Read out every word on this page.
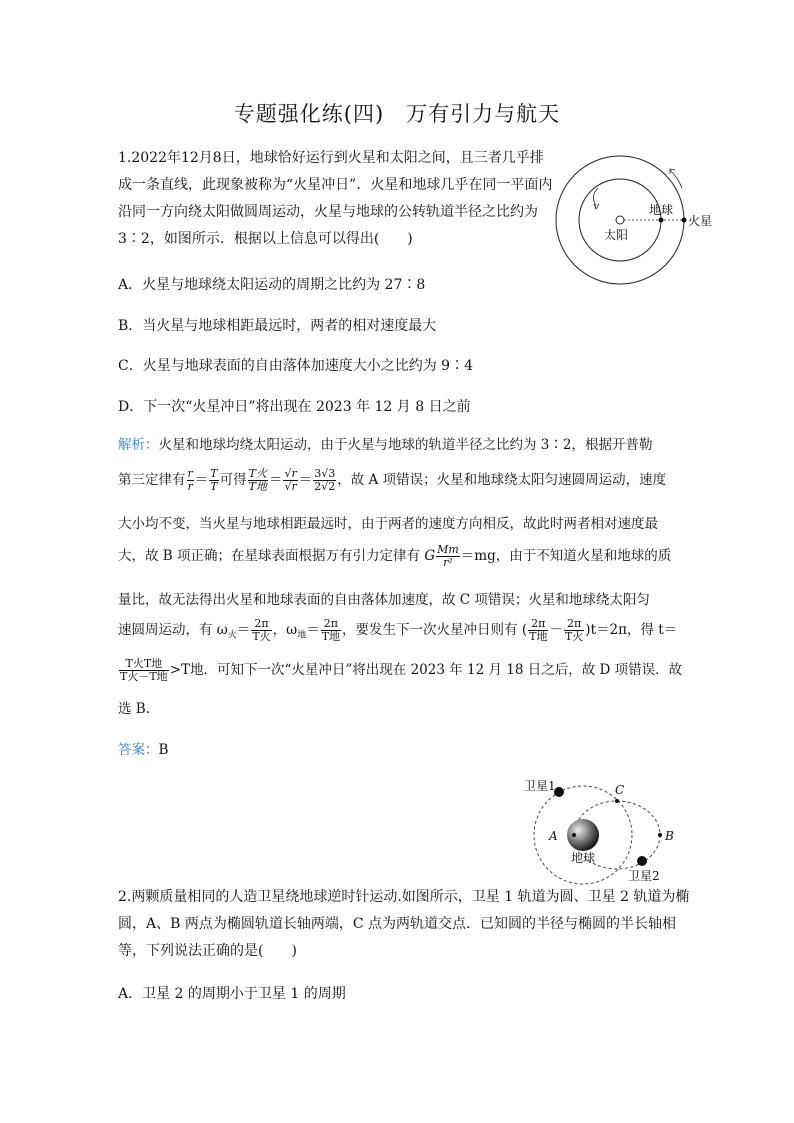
专题强化练(四)　万有引力与航天
1.2022年12月8日，地球恰好运行到火星和太阳之间，且三者几乎排
成一条直线，此现象被称为“火星冲日”．火星和地球几乎在同一平面内
沿同一方向绕太阳做圆周运动，火星与地球的公转轨道半径之比约为
3∶2，如图所示．根据以上信息可以得出(　　)	太阳
地球
火星
A．火星与地球绕太阳运动的周期之比约为 27∶8
B．当火星与地球相距最远时，两者的相对速度最大
C．火星与地球表面的自由落体加速度大小之比约为 9∶4
D．下一次“火星冲日”将出现在 2023 年 12 月 8 日之前
解析：火星和地球均绕太阳运动，由于火星与地球的轨道半径之比约为 3∶2，根据开普勒
第三定律有 $\frac{r}{r} = \frac{T}{T}$ 可得 $\frac{\text{T火}}{\text{T地}} = \frac{√r}{√r} = \frac{3√3}{2√2}$ ，故 A 项错误；火星和地球绕太阳匀速圆周运动，速度
大小均不变，当火星与地球相距最远时，由于两者的速度方向相反，故此时两者相对速度最
大，故 B 项正确；在星球表面根据万有引力定律有 G $\frac{Mm}{\text{r²}} =mg$，由于不知道火星和地球的质
量比，故无法得出火星和地球表面的自由落体加速度，故 C 项错误；火星和地球绕太阳匀
速圆周运动，有 $\omega_火= \frac{2\pi}{\text{T火}}$ ，$\omega_地= \frac{2\pi}{\text{T地}}$ ，要发生下一次火星冲日则有 ( $\frac{2\pi}{\text{T地}} - \frac{2\pi}{\text{T火}} )t=2\pi$，得 t＝
$\frac{\text{T火T地}}{\text{T火－T地}} >T$地．可知下一次“火星冲日”将出现在 2023 年 12 月 18 日之后，故 D 项错误．故
选 B.
答案：B
卫星1
卫星2
地球
A	B
C
2.两颗质量相同的人造卫星绕地球逆时针运动.如图所示，卫星 1 轨道为圆、卫星 2 轨道为椭
圆，A、B 两点为椭圆轨道长轴两端，C 点为两轨道交点．已知圆的半径与椭圆的半长轴相
等，下列说法正确的是(　　)
A．卫星 2 的周期小于卫星 1 的周期
